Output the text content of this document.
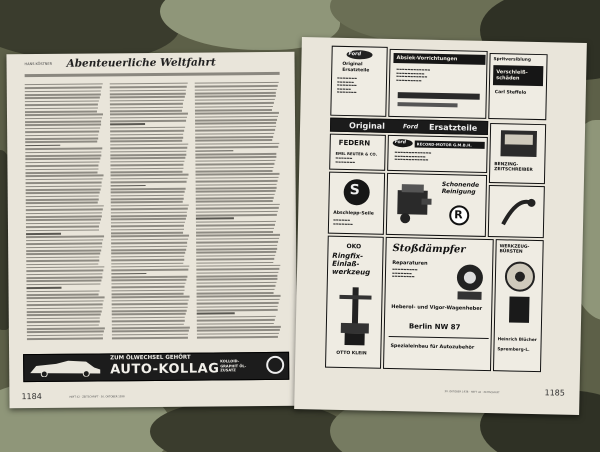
HANS KÖSTNER Abenteuerliche Weltfahrt
ZUM ÖLWECHSEL GEHÖRT
AUTO-KOLLAG
KOLLOID-GRAPHIT ÖL-ZUSATZ
1184	HEFT 42 · ZEITSCHRIFT · 30. OKTOBER 1938
Ford
Original
Ersatzteile
▬▬▬▬▬▬▬
▬▬▬▬▬▬
▬▬▬▬▬▬▬
▬▬▬▬▬
▬▬▬▬▬▬▬
Absiek-Vorrichtungen
▬▬▬▬▬▬▬▬▬▬▬▬
▬▬▬▬▬▬▬▬▬▬
▬▬▬▬▬▬▬▬▬▬▬
▬▬▬▬▬▬▬▬▬
Spritversiblung
Verschleiß-schäden
Carl Steffelo
Original	Ford Ersatzteile
FEDERN
EMIL REUTER & CO.
▬▬▬▬▬▬
▬▬▬▬▬▬▬
Ford	RECORD-MOTOR G.M.B.H.
▬▬▬▬▬▬▬▬▬▬▬▬▬
▬▬▬▬▬▬▬▬▬▬▬
▬▬▬▬▬▬▬▬▬▬▬▬
BENZING-ZEITSCHREIBER
S
Abschlepp-Seile
▬▬▬▬▬▬
▬▬▬▬▬▬▬
Schonende Reinigung
R
OKO
Ringfix-Einlaß-werkzeug
OTTO KLEIN
Stoßdämpfer
Reparaturen
▬▬▬▬▬▬▬▬▬
▬▬▬▬▬▬▬
▬▬▬▬▬▬▬▬
Heberol- und Vigor-Wagenheber
Berlin NW 87
Spezialeinbau für Autozubehör
WERKZEUG-BÜRSTEN
Heinrich Blücher
Spremberg-L.
30. OKTOBER 1938 · HEFT 42 · ZEITSCHRIFT	1185
